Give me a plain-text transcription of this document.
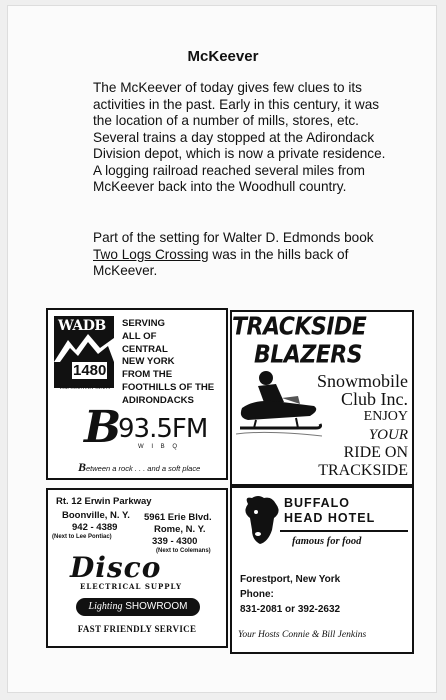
McKeever
The McKeever of today gives few clues to its activities in the past. Early in this century, it was the location of a number of mills, stores, etc. Several trains a day stopped at the Adirondack Division depot, which is now a private residence. A logging railroad reached several miles from McKeever back into the Woodhull country.
Part of the setting for Walter D. Edmonds book Two Logs Crossing was in the hills back of McKeever.
WADB
1480
THE COUNTRY GIANT
SERVING
ALL OF
CENTRAL
NEW YORK
FROM THE
FOOTHILLS OF THE
ADIRONDACKS
B
93.5FM
W I B Q
Between a rock . . . and a soft place
TRACKSIDE
BLAZERS
Snowmobile
Club Inc.
ENJOY
YOUR
RIDE ON
TRACKSIDE
Rt. 12 Erwin Parkway
Boonville, N. Y.
942 - 4389
(Next to Lee Pontiac)
5961 Erie Blvd.
Rome, N. Y.
339 - 4300
(Next to Colemans)
Disco
ELECTRICAL SUPPLY
Lighting SHOWROOM
FAST FRIENDLY SERVICE
BUFFALO
HEAD HOTEL
famous for food
Forestport, New York
Phone:
831-2081 or 392-2632
Your Hosts Connie & Bill Jenkins
